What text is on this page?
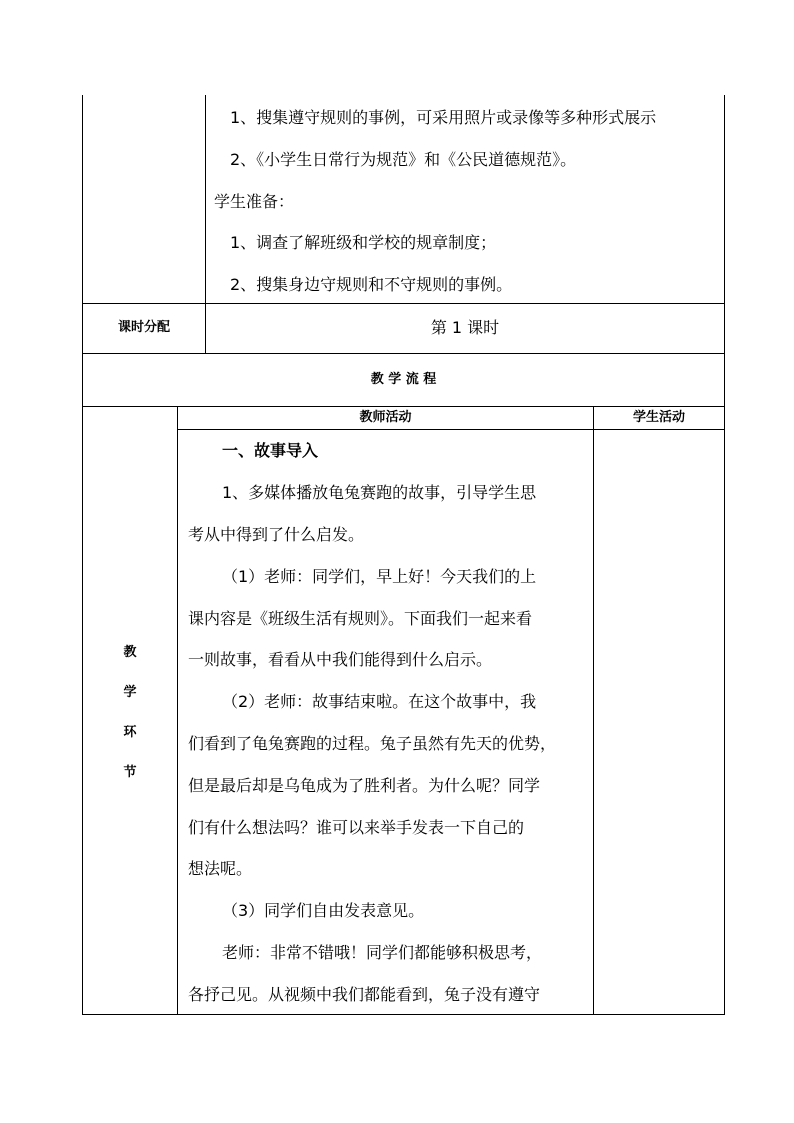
1、搜集遵守规则的事例，可采用照片或录像等多种形式展示
2、《小学生日常行为规范》和《公民道德规范》。
学生准备：
1、调查了解班级和学校的规章制度；
2、搜集身边守规则和不守规则的事例。
课时分配	第 1 课时
教 学 流 程
教师活动	学生活动
教
学
环
节
一、故事导入
1、多媒体播放龟兔赛跑的故事，引导学生思
考从中得到了什么启发。
（1）老师：同学们，早上好！今天我们的上
课内容是《班级生活有规则》。下面我们一起来看
一则故事，看看从中我们能得到什么启示。
（2）老师：故事结束啦。在这个故事中，我
们看到了龟兔赛跑的过程。兔子虽然有先天的优势，
但是最后却是乌龟成为了胜利者。为什么呢？同学
们有什么想法吗？谁可以来举手发表一下自己的
想法呢。
（3）同学们自由发表意见。
老师：非常不错哦！同学们都能够积极思考，
各抒己见。从视频中我们都能看到，兔子没有遵守
